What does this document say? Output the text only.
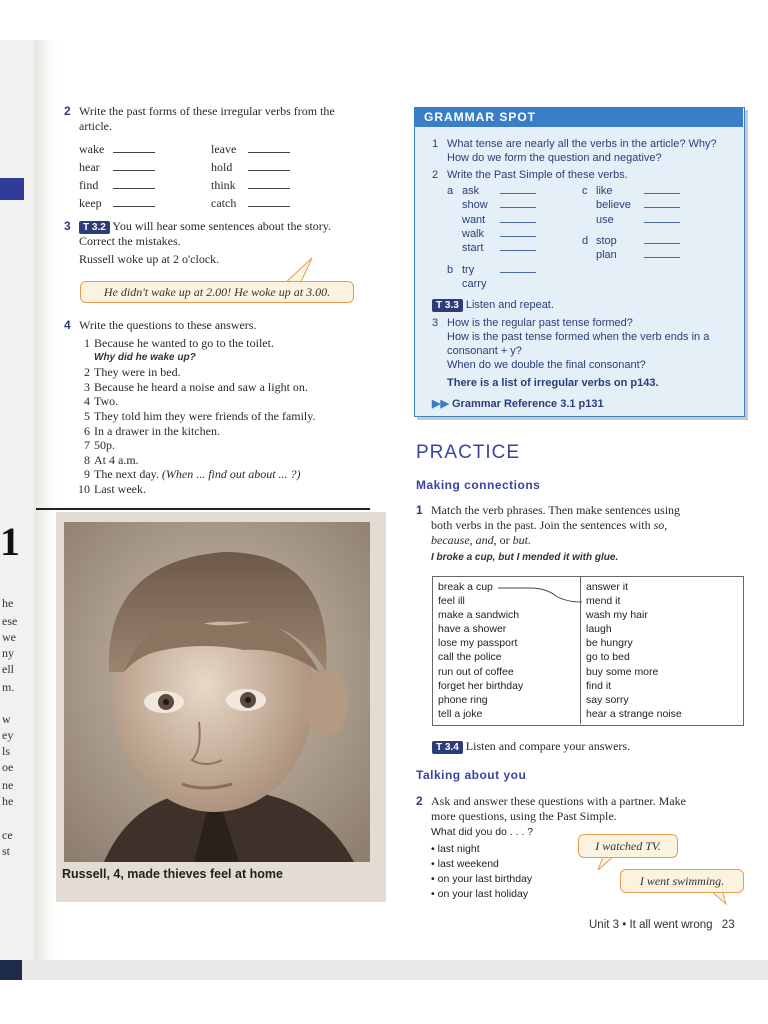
1
he
ese
we
ny
ell
m.
w
ey
ls
oe
ne
he
ce
st
2 Write the past forms of these irregular verbs from the
article.
wake
hear
find
keep
leave
hold
think
catch
3	T 3.2 You will hear some sentences about the story.
Correct the mistakes.
Russell woke up at 2 o'clock.
He didn't wake up at 2.00! He woke up at 3.00.
4 Write the questions to these answers.
1 Because he wanted to go to the toilet.
Why did he wake up?
2 They were in bed.
3 Because he heard a noise and saw a light on.
4 Two.
5 They told him they were friends of the family.
6 In a drawer in the kitchen.
7 50p.
8 At 4 a.m.
9 The next day. (When ... find out about ... ?)
10 Last week.
Russell, 4, made thieves feel at home
GRAMMAR SPOT
1 What tense are nearly all the verbs in the article? Why?
How do we form the question and negative?
2 Write the Past Simple of these verbs.
a ask
show
want
walk
start
b try
carry
c like
believe
use
d stop
plan
T 3.3 Listen and repeat.
3 How is the regular past tense formed?
How is the past tense formed when the verb ends in a
consonant + y?
When do we double the final consonant?
There is a list of irregular verbs on p143.
▶▶ Grammar Reference 3.1 p131
PRACTICE
Making connections
1 Match the verb phrases. Then make sentences using
both verbs in the past. Join the sentences with so,
because, and, or but.
I broke a cup, but I mended it with glue.
break a cup
feel ill
make a sandwich
have a shower
lose my passport
call the police
run out of coffee
forget her birthday
phone ring
tell a joke
answer it
mend it
wash my hair
laugh
be hungry
go to bed
buy some more
find it
say sorry
hear a strange noise
T 3.4 Listen and compare your answers.
Talking about you
2 Ask and answer these questions with a partner. Make
more questions, using the Past Simple.
What did you do . . . ?
• last night
• last weekend
• on your last birthday
• on your last holiday
I watched TV.
I went swimming.
Unit 3 • It all went wrong 23
